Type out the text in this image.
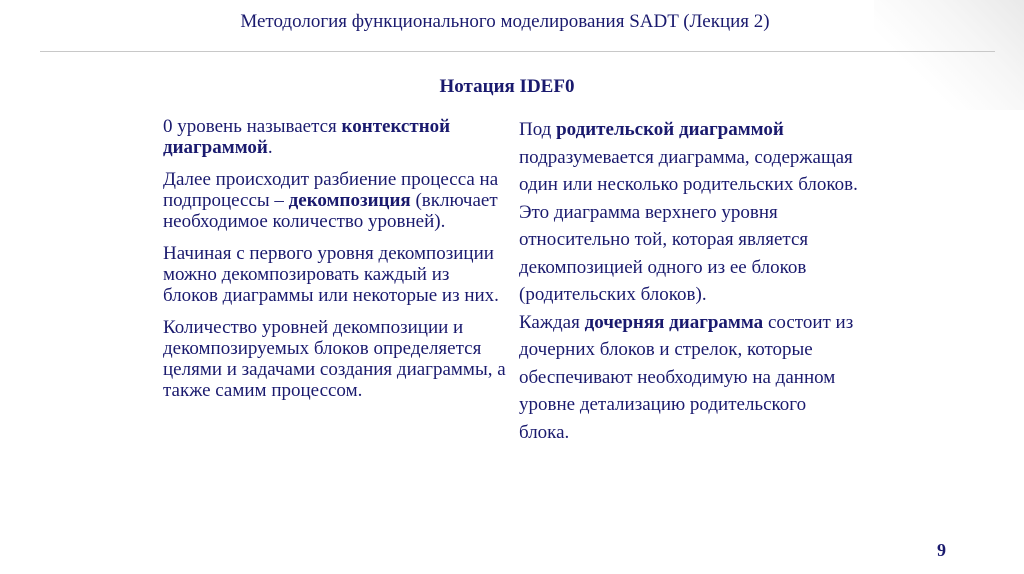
Методология функционального моделирования SADT (Лекция 2)
Нотация IDEF0

0 уровень называется контекстной диаграммой.

Далее происходит разбиение процесса на подпроцессы – декомпозиция (включает необходимое количество уровней).

Начиная с первого уровня декомпозиции можно декомпозировать каждый из блоков диаграммы или некоторые из них.

Количество уровней декомпозиции и декомпозируемых блоков определяется целями и задачами создания диаграммы, а также самим процессом.

Под родительской диаграммой подразумевается диаграмма, содержащая один или несколько родительских блоков. Это диаграмма верхнего уровня относительно той, которая является декомпозицией одного из ее блоков (родительских блоков).

Каждая дочерняя диаграмма состоит из дочерних блоков и стрелок, которые обеспечивают необходимую на данном уровне детализацию родительского блока.

9
